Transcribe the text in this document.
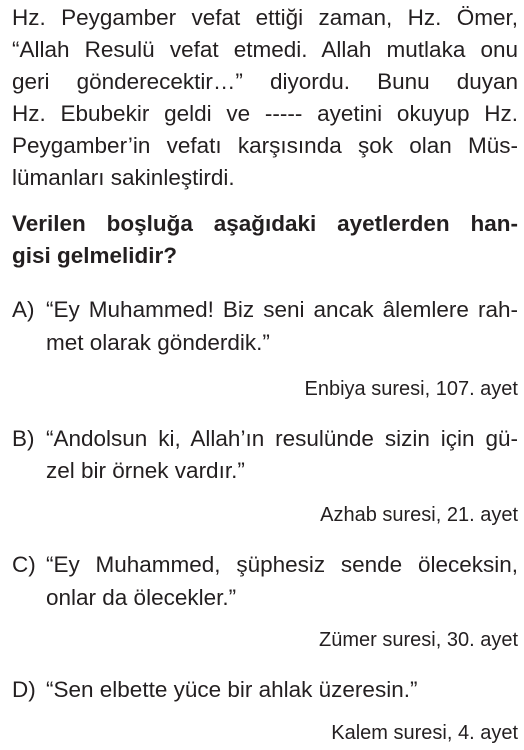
Hz. Peygamber vefat ettiği zaman, Hz. Ömer,
“Allah Resulü vefat etmedi. Allah mutlaka onu
geri gönderecektir…” diyordu. Bunu duyan
Hz. Ebubekir geldi ve ----- ayetini okuyup Hz.
Peygamber’in vefatı karşısında şok olan Müs-
lümanları sakinleştirdi.
Verilen boşluğa aşağıdaki ayetlerden han-
gisi gelmelidir?
A) “Ey Muhammed! Biz seni ancak âlemlere rah-
met olarak gönderdik.”
Enbiya suresi, 107. ayet
B) “Andolsun ki, Allah’ın resulünde sizin için gü-
zel bir örnek vardır.”
Azhab suresi, 21. ayet
C) “Ey Muhammed, şüphesiz sende öleceksin,
onlar da ölecekler.”
Zümer suresi, 30. ayet
D) “Sen elbette yüce bir ahlak üzeresin.”
Kalem suresi, 4. ayet
